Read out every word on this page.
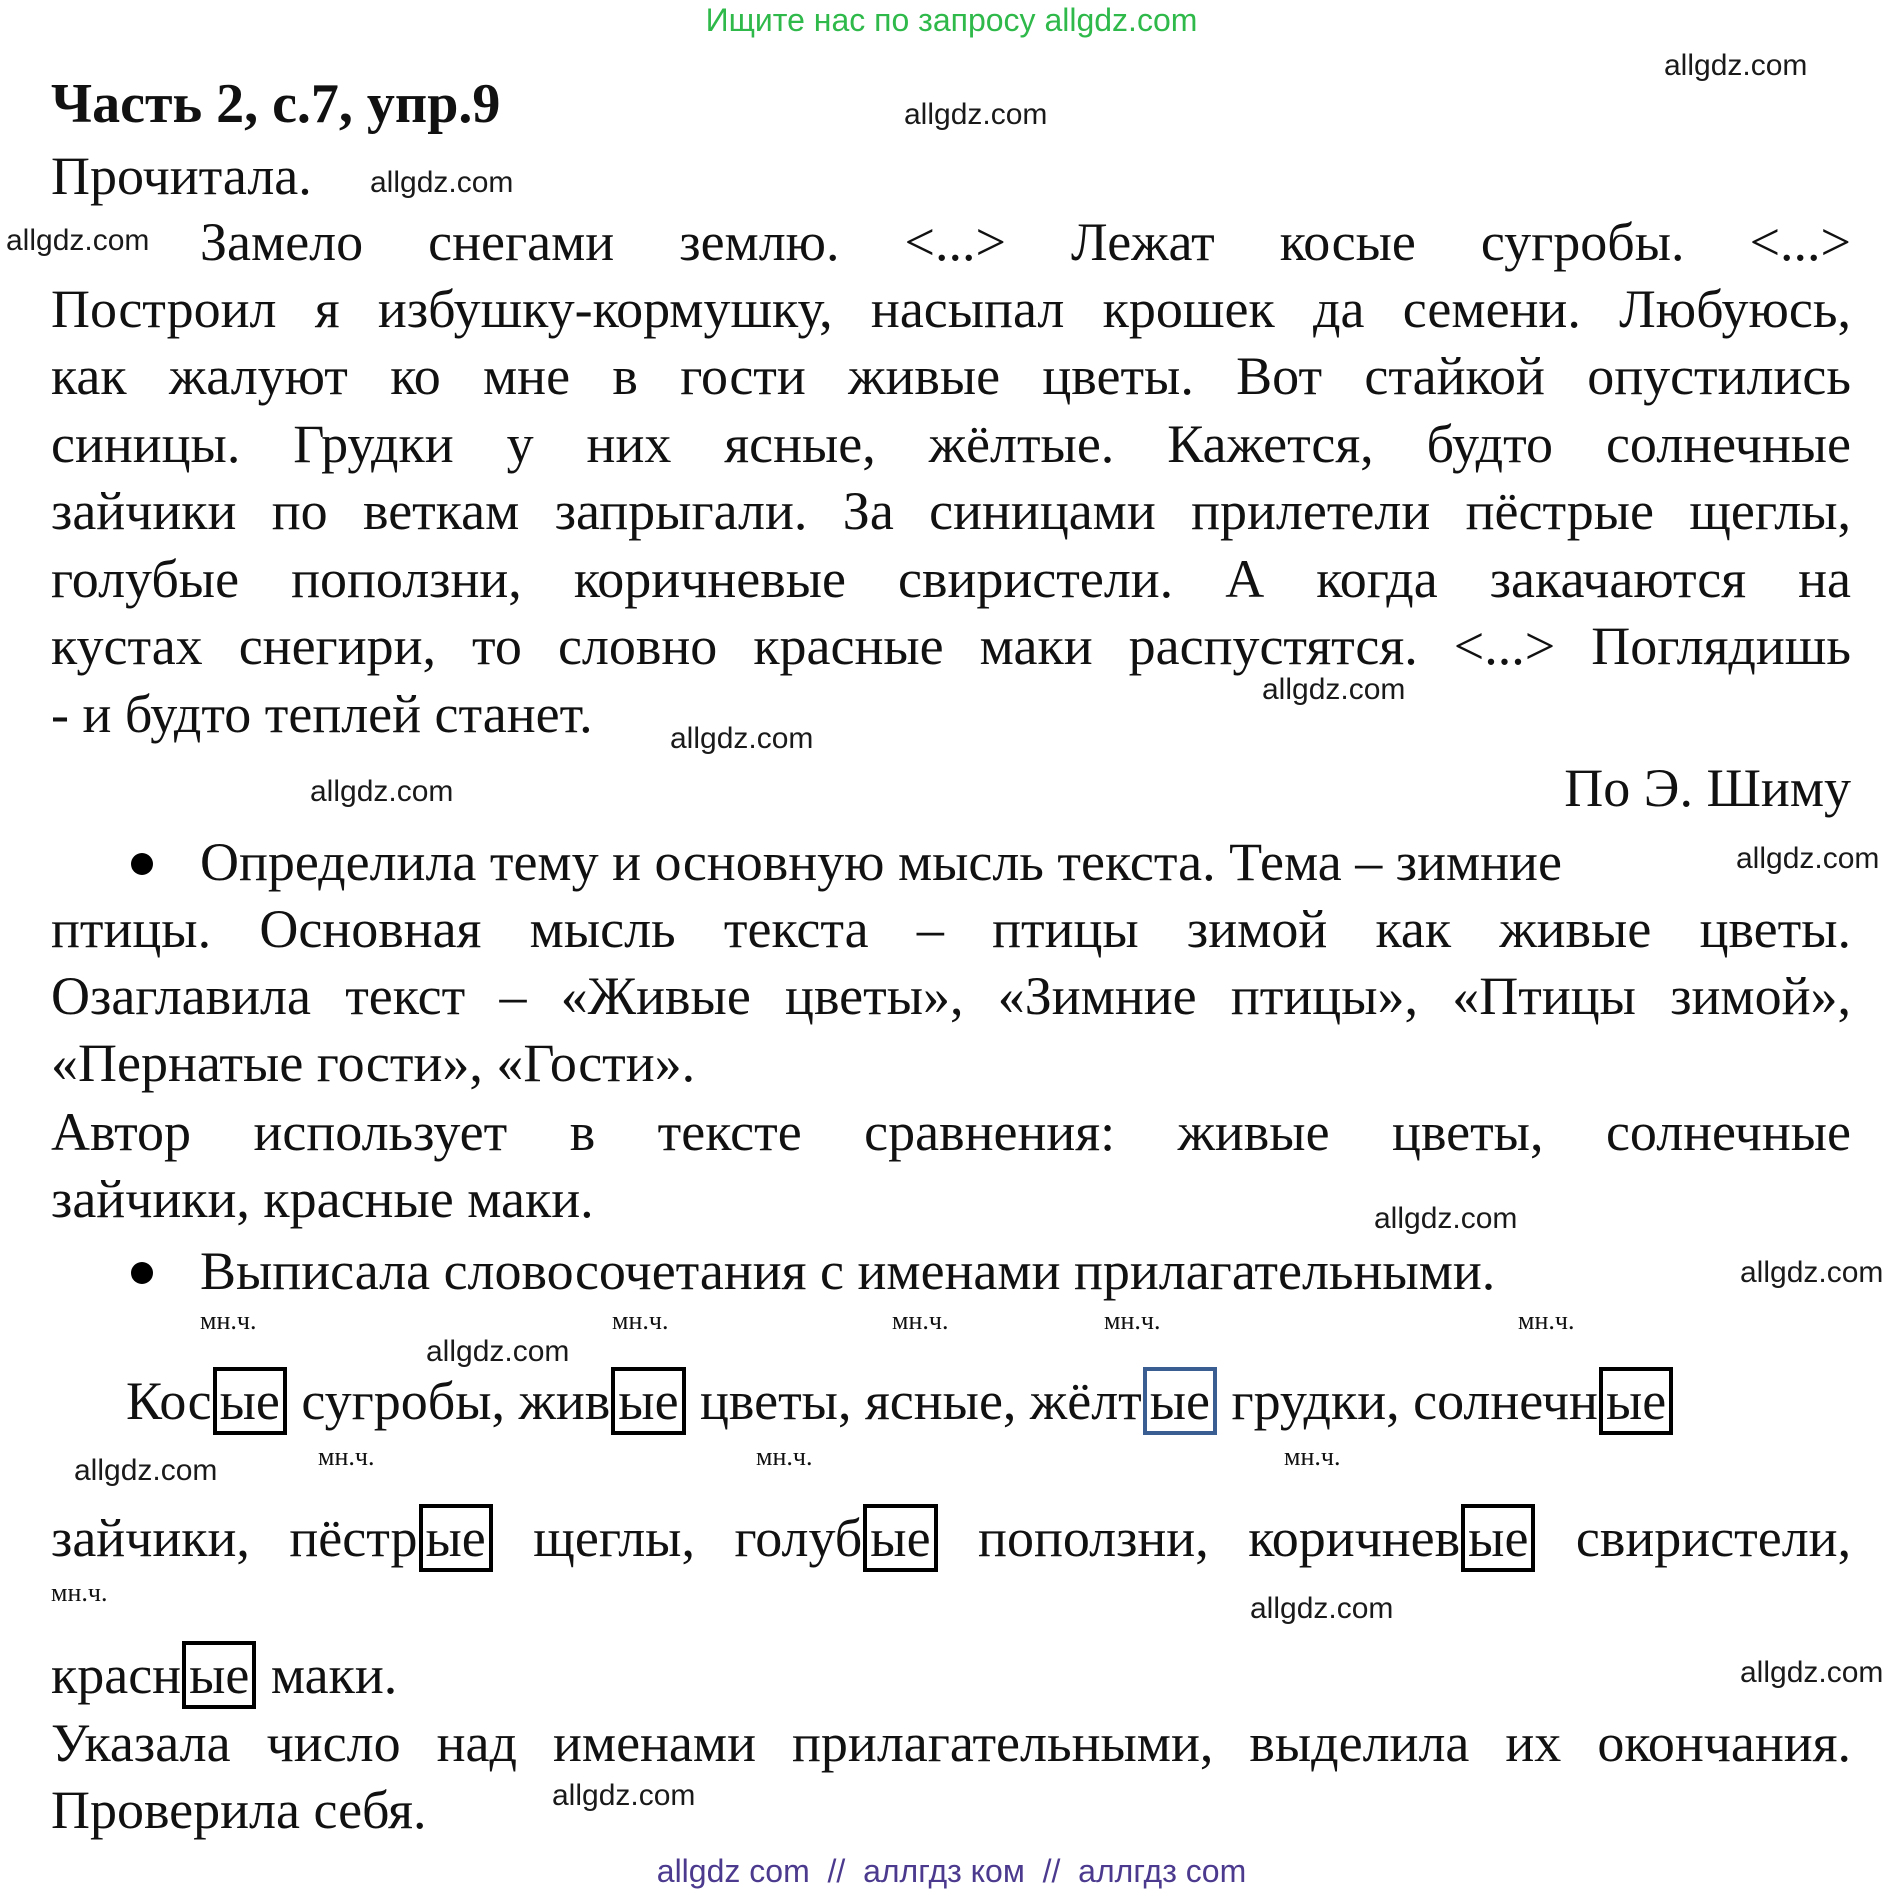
Ищите нас по запросу allgdz.com
Часть 2, с.7, упр.9
Прочитала.
Замело снегами землю. <...> Лежат косые сугробы. <...>
Построил я избушку-кормушку, насыпал крошек да семени. Любуюсь,
как жалуют ко мне в гости живые цветы. Вот стайкой опустились
синицы. Грудки у них ясные, жёлтые. Кажется, будто солнечные
зайчики по веткам запрыгали. За синицами прилетели пёстрые щеглы,
голубые поползни, коричневые свиристели. А когда закачаются на
кустах снегири, то словно красные маки распустятся. <...> Поглядишь
- и будто теплей станет.
По Э. Шиму
Определила тему и основную мысль текста. Тема – зимние
птицы. Основная мысль текста – птицы зимой как живые цветы.
Озаглавила текст – «Живые цветы», «Зимние птицы», «Птицы зимой»,
«Пернатые гости», «Гости».
Автор использует в тексте сравнения: живые цветы, солнечные
зайчики, красные маки.
Выписала словосочетания с именами прилагательными.
мн.ч.	мн.ч.	мн.ч.	мн.ч.	мн.ч.
Кос ые сугробы, жив ые цветы, ясные, жёлт ые грудки, солнечн ые
мн.ч.	мн.ч.	мн.ч.
зайчики, пёстр ые щеглы, голуб ые поползни, коричнев ые свиристели,
мн.ч.
красн ые маки.
Указала число над именами прилагательными, выделила их окончания.
Проверила себя.
allgdz.com
allgdz.com
allgdz.com
allgdz.com
allgdz.com
allgdz.com
allgdz.com
allgdz.com
allgdz.com
allgdz.com
allgdz.com
allgdz.com
allgdz.com
allgdz.com
allgdz.com
allgdz com  //  аллгдз ком  //  аллгдз com
